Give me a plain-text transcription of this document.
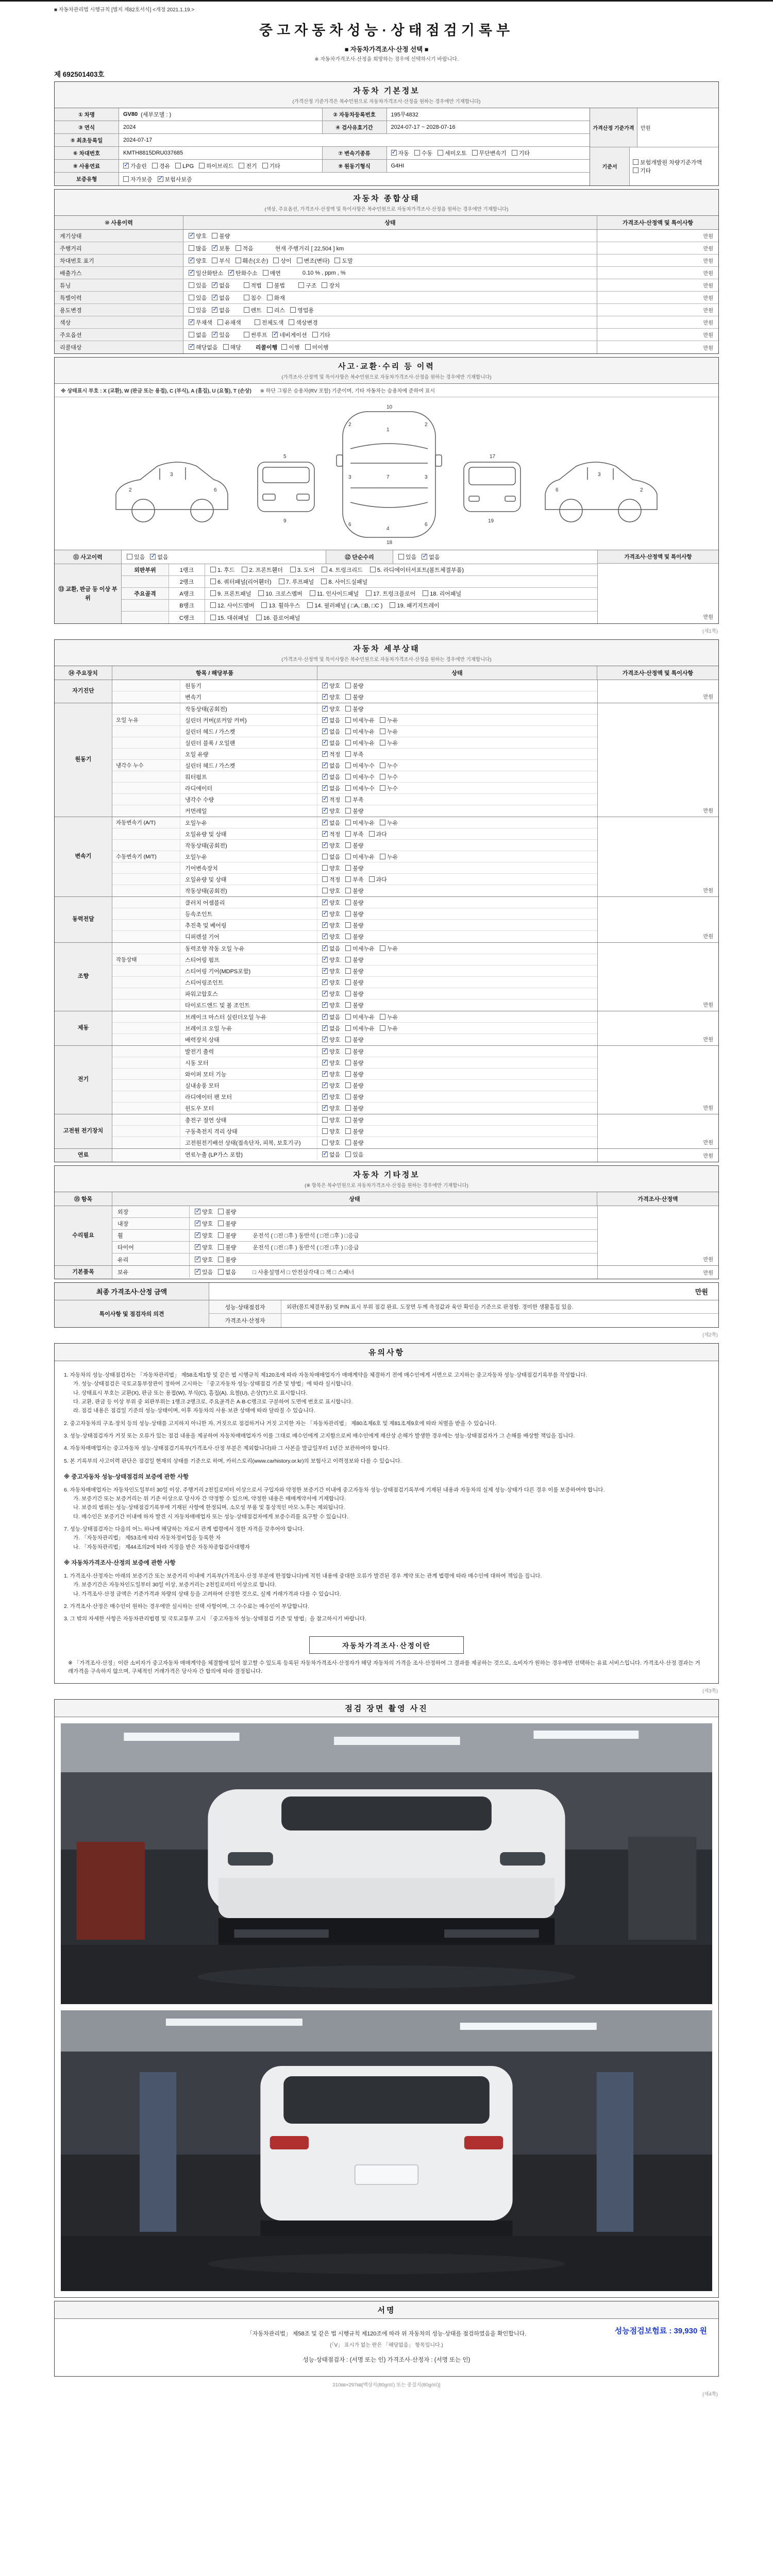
■ 자동차관리법 시행규칙 [별지 제82호서식] <개정 2021.1.19.>
중고자동차성능·상태점검기록부
■ 자동차가격조사·산정 선택 ■
※ 자동차가격조사·산정을 희망하는 경우에 선택하시기 바랍니다.
제 692501403호
자동차 기본정보
(가격산정 기준가격은 복수민원으로 자동차가격조사·산정을 원하는 경우에만 기재합니다)
① 차명	GV80 (세부모델 : )	② 자동차등록번호	195무4832
③ 연식	2024	④ 검사유효기간	2024-07-17 ~ 2028-07-16
⑤ 최초등록일	2024-07-17
⑥ 차대번호	KMTH8815DRU037685	⑦ 변속기종류 ✓	자동 수동 세미오토 무단변속기 기타
⑧ 사용연료 ✓	가솔린 경유 LPG 하이브리드 전기 기타	⑨ 원동기형식	G4HI
보증유형	자가보증 ✓ 보험사보증
가격산정 기준가격	만원
기준서
보험개발원 차량기준가액기타
자동차 종합상태
(색상, 주요옵션, 가격조사·산정액 및 특이사항은 복수민원으로 자동차가격조사·산정을 원하는 경우에만 기재합니다)
⑩ 사용이력	상태	가격조사·산정액 및 특이사항
계기상태 ✓	양호 불량	만원
주행거리	많음 ✓ 보통 적음	현재 주행거리 [ 22,504 ] km	만원
차대번호 표기 ✓	양호 부식 훼손(오손) 상이 변조(변타) 도말	만원
배출가스 ✓	일산화탄소 ✓ 탄화수소 매연	0.10 % , ppm , %	만원
튜닝	있음 ✓ 없음	적법 불법	구조 장치	만원
특별이력	있음 ✓ 없음	침수 화재	만원
용도변경	있음 ✓ 없음	렌트 리스 영업용	만원
색상 ✓	무채색 유채색	전체도색 색상변경	만원
주요옵션	없음 ✓ 있음	썬루프 ✓ 네비게이션 기타	만원
리콜대상 ✓	해당없음 해당	리콜이행	이행 미이행	만원
사고·교환·수리 등 이력
(가격조사·산정액 및 특이사항은 복수민원으로 자동차가격조사·산정을 원하는 경우에만 기재합니다)
※ 상태표시 부호 : X (교환), W (판금 또는 용접), C (부식), A (흠집), U (요철), T (손상) ※ 하단 그림은 승용차(RV 포함) 기준이며, 기타 자동차는 승용차에 준하여 표시
3
2	6
5
9
1
7
4
2	2
3	3
6	6
10
18
17
19
3
2
6
⑪ 사고이력	있음 ✓ 없음	⑫ 단순수리	있음 ✓ 없음
⑬ 교환, 판금 등 이상 부위
외판부위	1랭크	1. 후드	2. 프론트휀더	3. 도어	4. 트렁크리드	5. 라디에이터서포트(볼트체결부품)
2랭크	6. 쿼터패널(리어휀더)	7. 루프패널	8. 사이드실패널
주요골격	A랭크	9. 프론트패널	10. 크로스멤버	11. 인사이드패널	17. 트렁크플로어	18. 리어패널
B랭크	12. 사이드멤버	13. 휠하우스	14. 필러패널 ( □A, □B, □C )	19. 패키지트레이
C랭크	15. 대쉬패널	16. 플로어패널
가격조사·산정액 및 특이사항
만원
(제1쪽)
자동차 세부상태
(가격조사·산정액 및 특이사항은 복수민원으로 자동차가격조사·산정을 원하는 경우에만 기재합니다)
⑭ 주요장치	항목 / 해당부품	상태	가격조사·산정액 및 특이사항
자기진단
원동기 ✓	양호 불량
변속기 ✓	양호 불량	만원
원동기
작동상태(공회전) ✓	양호 불량
오일 누유	실린더 커버(로커암 커버) ✓	없음 미세누유 누유
실린더 헤드 / 가스켓 ✓	없음 미세누유 누유
실린더 블록 / 오일팬 ✓	없음 미세누유 누유
오일 유량 ✓	적정 부족
냉각수 누수	실린더 헤드 / 가스켓 ✓	없음 미세누수 누수
워터펌프 ✓	없음 미세누수 누수
라디에이터 ✓	없음 미세누수 누수
냉각수 수량 ✓	적정 부족
커먼레일 ✓	양호 불량	만원
변속기
자동변속기 (A/T)	오일누유 ✓	없음 미세누유 누유
오일유량 및 상태 ✓	적정 부족 과다
작동상태(공회전) ✓	양호 불량
수동변속기 (M/T)	오일누유	없음 미세누유 누유
기어변속장치	양호 불량
오일유량 및 상태	적정 부족 과다
작동상태(공회전)	양호 불량	만원
동력전달
클러치 어셈블리 ✓	양호 불량
등속조인트 ✓	양호 불량
추진축 및 베어링 ✓	양호 불량
디퍼렌셜 기어 ✓	양호 불량	만원
조향
동력조향 작동 오일 누유 ✓	없음 미세누유 누유
작동상태	스티어링 펌프 ✓	양호 불량
스티어링 기어(MDPS포함) ✓	양호 불량
스티어링조인트 ✓	양호 불량
파워고압호스 ✓	양호 불량
타이로드엔드 및 볼 조인트 ✓	양호 불량	만원
제동
브레이크 마스터 실린더오일 누유 ✓	없음 미세누유 누유
브레이크 오일 누유 ✓	없음 미세누유 누유
배력장치 상태 ✓	양호 불량	만원
전기
발전기 출력 ✓	양호 불량
시동 모터 ✓	양호 불량
와이퍼 모터 기능 ✓	양호 불량
실내송풍 모터 ✓	양호 불량
라디에이터 팬 모터 ✓	양호 불량
윈도우 모터 ✓	양호 불량	만원
고전원 전기장치
충전구 절연 상태	양호 불량
구동축전지 격리 상태	양호 불량
고전원전기배선 상태(접속단자, 피복, 보호기구)	양호 불량	만원
연료	연료누출 (LP가스 포함) ✓	없음 있음	만원
자동차 기타정보
(※ 항목은 복수민원으로 자동차가격조사·산정을 원하는 경우에만 기재합니다)
⑮ 항목	상태	가격조사·산정액
수리필요
외장 ✓	양호 불량
내장 ✓	양호 불량
휠 ✓	양호 불량	운전석 ( □전 □후 ) 동반석 ( □전 □후 ) □응급
타이어 ✓	양호 불량	운전석 ( □전 □후 ) 동반석 ( □전 □후 ) □응급
유리 ✓	양호 불량	만원
기본품목	보유 ✓	있음 없음	□ 사용설명서 □ 안전삼각대 □ 잭 □ 스패너	만원
최종 가격조사·산정 금액	만원
특이사항 및 점검자의 의견
성능·상태점검자	외판(볼트체결부품) 및 P/N 표시 부위 점검 완료. 도장면 두께 측정값과 육안 확인을 기준으로 판정함. 경미한 생활흠집 있음.
가격조사·산정자
(제2쪽)
유의사항

1. 자동차의 성능·상태점검자는 「자동차관리법」 제58조제1항 및 같은 법 시행규칙 제120조에 따라 자동차매매업자가 매매계약을 체결하기 전에 매수인에게 서면으로 고지하는 중고자동차 성능·상태점검기록부를 작성합니다.

가. 성능·상태점검은 국토교통부장관이 정하여 고시하는 「중고자동차 성능·상태점검 기준 및 방법」에 따라 실시합니다.

나. 상태표시 부호는 교환(X), 판금 또는 용접(W), 부식(C), 흠집(A), 요철(U), 손상(T)으로 표시합니다.

다. 교환, 판금 등 이상 부위 중 외판부위는 1랭크·2랭크로, 주요골격은 A·B·C랭크로 구분하여 도면에 번호로 표시합니다.

라. 점검 내용은 점검일 기준의 성능·상태이며, 이후 자동차의 사용·보관 상태에 따라 달라질 수 있습니다.

2. 중고자동차의 구조·장치 등의 성능·상태를 고지하지 아니한 자, 거짓으로 점검하거나 거짓 고지한 자는 「자동차관리법」 제80조제6호 및 제81조제9호에 따라 처벌을 받을 수 있습니다.

3. 성능·상태점검자가 거짓 또는 오류가 있는 점검 내용을 제공하여 자동차매매업자가 이를 그대로 매수인에게 고지함으로써 매수인에게 재산상 손해가 발생한 경우에는 성능·상태점검자가 그 손해를 배상할 책임을 집니다.

4. 자동차매매업자는 중고자동차 성능·상태점검기록부(가격조사·산정 부분은 제외합니다)와 그 사본을 발급일부터 1년간 보관하여야 합니다.

5. 본 기록부의 사고이력 판단은 점검일 현재의 상태를 기준으로 하며, 카히스토리(www.carhistory.or.kr)의 보험사고 이력정보와 다를 수 있습니다.

※ 중고자동차 성능·상태점검의 보증에 관한 사항

6. 자동차매매업자는 자동차인도일부터 30일 이상, 주행거리 2천킬로미터 이상으로서 구입자와 약정한 보증기간 이내에 중고자동차 성능·상태점검기록부에 기재된 내용과 자동차의 실제 성능·상태가 다른 경우 이를 보증하여야 합니다.

가. 보증기간 또는 보증거리는 위 기준 이상으로 당사자 간 약정할 수 있으며, 약정한 내용은 매매계약서에 기재합니다.

나. 보증의 범위는 성능·상태점검기록부에 기재된 사항에 한정되며, 소모성 부품 및 통상적인 마모·노후는 제외됩니다.

다. 매수인은 보증기간 이내에 하자 발견 시 자동차매매업자 또는 성능·상태점검자에게 보증수리를 요구할 수 있습니다.

7. 성능·상태점검자는 다음의 어느 하나에 해당하는 자로서 관계 법령에서 정한 자격을 갖추어야 합니다.

가. 「자동차관리법」 제53조에 따라 자동차정비업을 등록한 자

나. 「자동차관리법」 제44조의2에 따라 지정을 받은 자동차종합검사대행자

※ 자동차가격조사·산정의 보증에 관한 사항

1. 가격조사·산정자는 아래의 보증기간 또는 보증거리 이내에 기록부(가격조사·산정 부분에 한정합니다)에 적힌 내용에 중대한 오류가 발견된 경우 계약 또는 관계 법령에 따라 매수인에 대하여 책임을 집니다.

가. 보증기간은 자동차인도일부터 30일 이상, 보증거리는 2천킬로미터 이상으로 합니다.

나. 가격조사·산정 금액은 기준가격과 차량의 상태 등을 고려하여 산정한 것으로, 실제 거래가격과 다를 수 있습니다.

2. 가격조사·산정은 매수인이 원하는 경우에만 실시하는 선택 사항이며, 그 수수료는 매수인이 부담합니다.

3. 그 밖의 자세한 사항은 자동차관리법령 및 국토교통부 고시 「중고자동차 성능·상태점검 기준 및 방법」을 참고하시기 바랍니다.

자동차가격조사·산정이란
※ 「가격조사·산정」이란 소비자가 중고자동차 매매계약을 체결함에 있어 참고할 수 있도록 등록된 자동차가격조사·산정자가 해당 자동차의 가격을 조사·산정하여 그 결과를 제공하는 것으로, 소비자가 원하는 경우에만 선택하는 유료 서비스입니다. 가격조사·산정 결과는 거래가격을 구속하지 않으며, 구체적인 거래가격은 당사자 간 합의에 따라 결정됩니다.
(제3쪽)
점검 장면 촬영 사진
서명
성능점검보험료 : 39,930 원
「자동차관리법」 제58조 및 같은 법 시행규칙 제120조에 따라 위 자동차의 성능·상태를 점검하였음을 확인합니다.
(「V」 표시가 없는 란은 「해당없음」 항목입니다.)
성능·상태점검자 : (서명 또는 인) 가격조사·산정자 : (서명 또는 인)
210㎜×297㎜[백상지(80g/㎡) 또는 중질지(80g/㎡)]
(제4쪽)
